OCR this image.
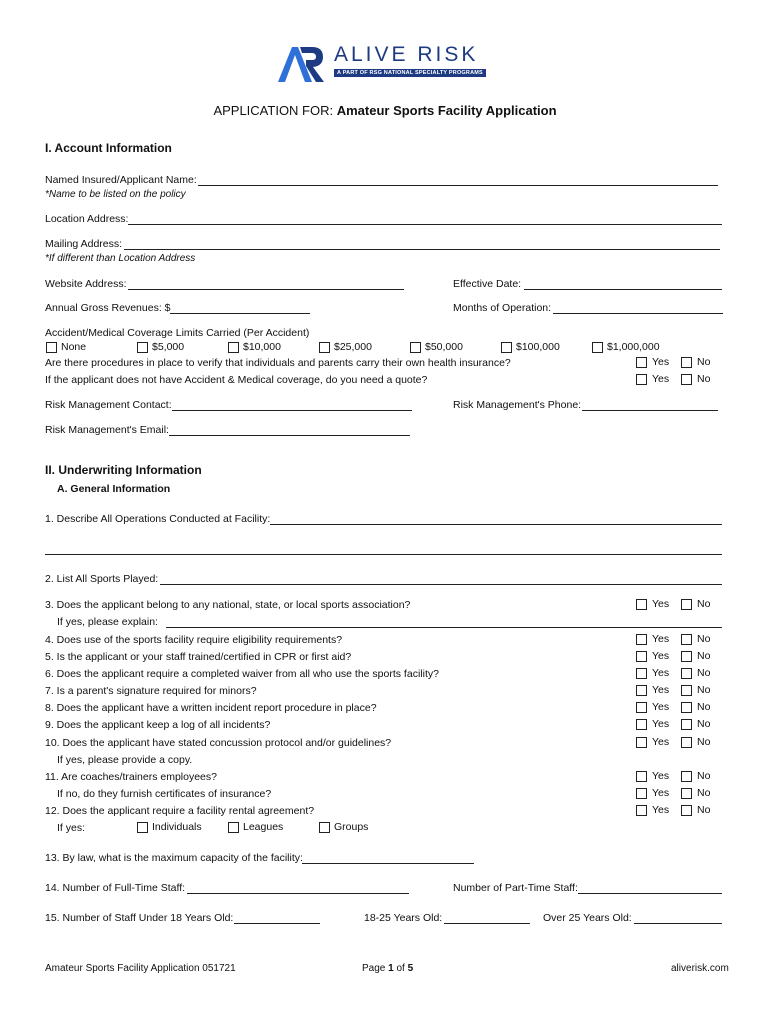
ALIVE RISK
A PART OF RSG NATIONAL SPECIALTY PROGRAMS
APPLICATION FOR: Amateur Sports Facility Application
I. Account Information
Named Insured/Applicant Name:
*Name to be listed on the policy
Location Address:
Mailing Address:
*If different than Location Address
Website Address:	Effective Date:
Annual Gross Revenues: $	Months of Operation:
Accident/Medical Coverage Limits Carried (Per Accident)
None	$5,000	$10,000	$25,000	$50,000	$100,000	$1,000,000
Are there procedures in place to verify that individuals and parents carry their own health insurance?	Yes	No
If the applicant does not have Accident & Medical coverage, do you need a quote?	Yes	No
Risk Management Contact:	Risk Management's Phone:
Risk Management's Email:
II. Underwriting Information
A. General Information
1. Describe All Operations Conducted at Facility:
2. List All Sports Played:
3. Does the applicant belong to any national, state, or local sports association?	Yes	No
If yes, please explain:
4. Does use of the sports facility require eligibility requirements?	Yes	No
5. Is the applicant or your staff trained/certified in CPR or first aid?	Yes	No
6. Does the applicant require a completed waiver from all who use the sports facility?	Yes	No
7. Is a parent's signature required for minors?	Yes	No
8. Does the applicant have a written incident report procedure in place?	Yes	No
9. Does the applicant keep a log of all incidents?	Yes	No
10. Does the applicant have stated concussion protocol and/or guidelines?	Yes	No
If yes, please provide a copy.
11. Are coaches/trainers employees?	Yes	No
If no, do they furnish certificates of insurance?	Yes	No
12. Does the applicant require a facility rental agreement?	Yes	No
If yes:	Individuals	Leagues	Groups
13. By law, what is the maximum capacity of the facility:
14. Number of Full-Time Staff:	Number of Part-Time Staff:
15. Number of Staff Under 18 Years Old:	18-25 Years Old:	Over 25 Years Old:
Amateur Sports Facility Application 051721	Page 1 of 5	aliverisk.com
